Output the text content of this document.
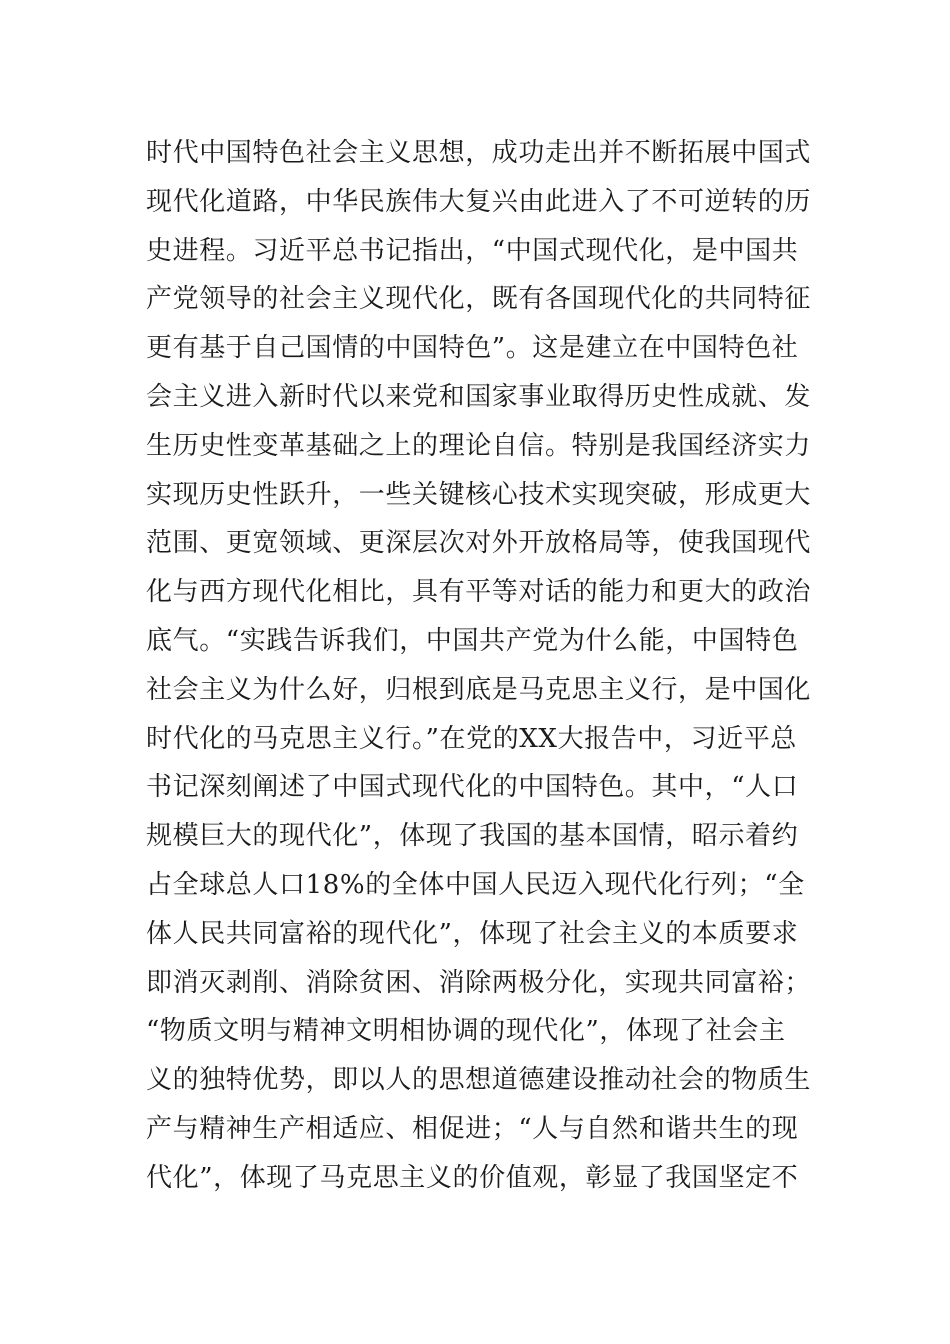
时代中国特色社会主义思想，成功走出并不断拓展中国式
现代化道路，中华民族伟大复兴由此进入了不可逆转的历
史进程。习近平总书记指出，“中国式现代化，是中国共
产党领导的社会主义现代化，既有各国现代化的共同特征
更有基于自己国情的中国特色”。这是建立在中国特色社
会主义进入新时代以来党和国家事业取得历史性成就、发
生历史性变革基础之上的理论自信。特别是我国经济实力
实现历史性跃升，一些关键核心技术实现突破，形成更大
范围、更宽领域、更深层次对外开放格局等，使我国现代
化与西方现代化相比，具有平等对话的能力和更大的政治
底气。“实践告诉我们，中国共产党为什么能，中国特色
社会主义为什么好，归根到底是马克思主义行，是中国化
时代化的马克思主义行。”在党的XX大报告中，习近平总
书记深刻阐述了中国式现代化的中国特色。其中，“人口
规模巨大的现代化”，体现了我国的基本国情，昭示着约
占全球总人口18%的全体中国人民迈入现代化行列；“全
体人民共同富裕的现代化”，体现了社会主义的本质要求
即消灭剥削、消除贫困、消除两极分化，实现共同富裕；
“物质文明与精神文明相协调的现代化”，体现了社会主
义的独特优势，即以人的思想道德建设推动社会的物质生
产与精神生产相适应、相促进；“人与自然和谐共生的现
代化”，体现了马克思主义的价值观，彰显了我国坚定不
